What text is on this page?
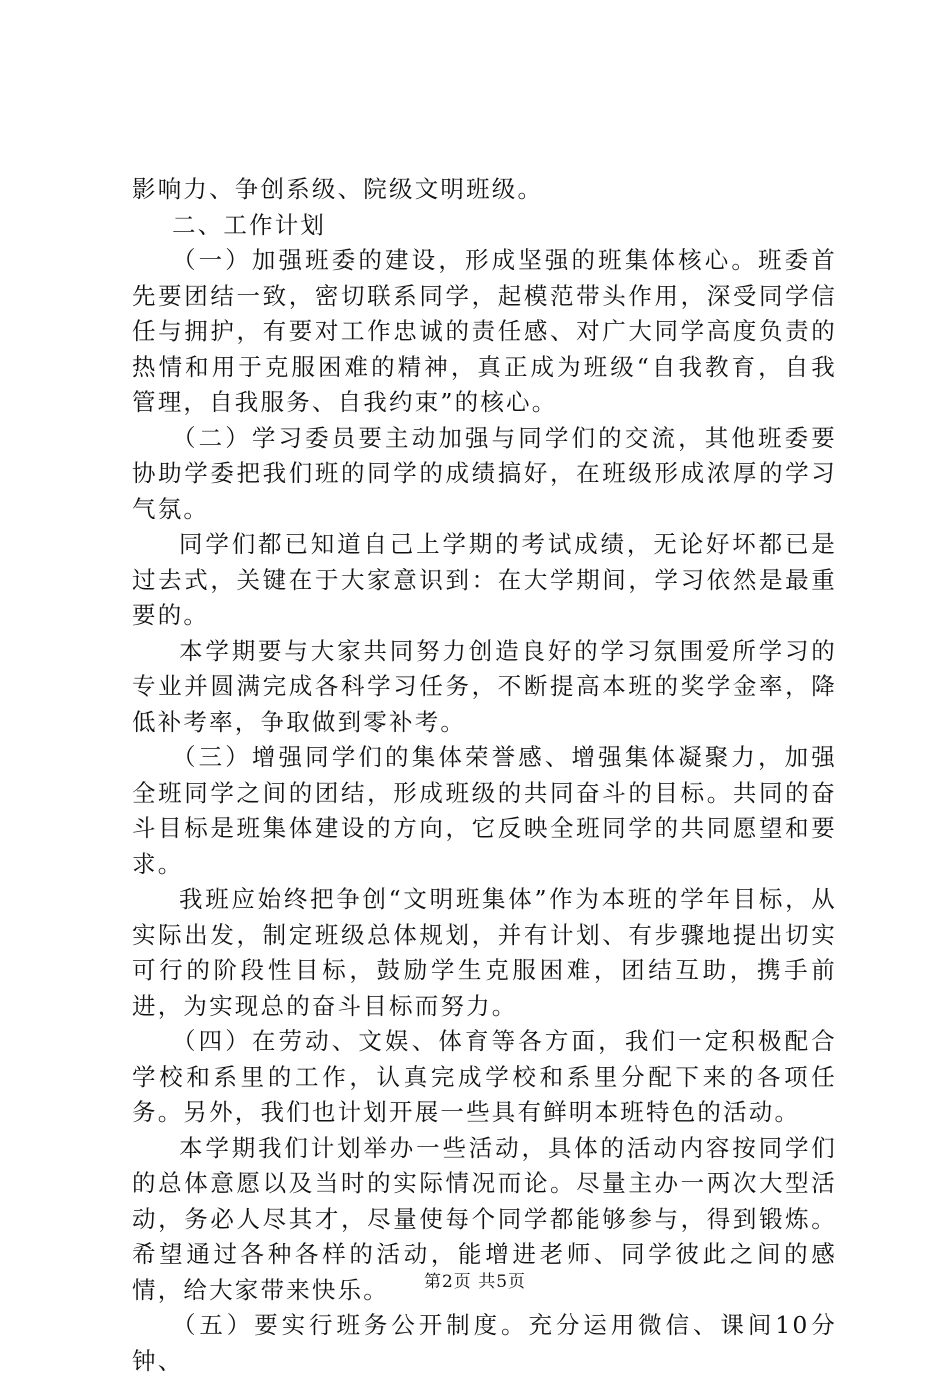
影响力、争创系级、院级文明班级。

二、工作计划

（一）加强班委的建设，形成坚强的班集体核心。班委首先要团结一致，密切联系同学，起模范带头作用，深受同学信任与拥护，有要对工作忠诚的责任感、对广大同学高度负责的热情和用于克服困难的精神，真正成为班级“自我教育，自我管理，自我服务、自我约束”的核心。

（二）学习委员要主动加强与同学们的交流，其他班委要协助学委把我们班的同学的成绩搞好，在班级形成浓厚的学习气氛。

同学们都已知道自己上学期的考试成绩，无论好坏都已是过去式，关键在于大家意识到：在大学期间，学习依然是最重要的。

本学期要与大家共同努力创造良好的学习氛围爱所学习的专业并圆满完成各科学习任务，不断提高本班的奖学金率，降低补考率，争取做到零补考。

（三）增强同学们的集体荣誉感、增强集体凝聚力，加强全班同学之间的团结，形成班级的共同奋斗的目标。共同的奋斗目标是班集体建设的方向，它反映全班同学的共同愿望和要求。

我班应始终把争创“文明班集体”作为本班的学年目标，从实际出发，制定班级总体规划，并有计划、有步骤地提出切实可行的阶段性目标，鼓励学生克服困难，团结互助，携手前进，为实现总的奋斗目标而努力。

（四）在劳动、文娱、体育等各方面，我们一定积极配合学校和系里的工作，认真完成学校和系里分配下来的各项任务。另外，我们也计划开展一些具有鲜明本班特色的活动。

本学期我们计划举办一些活动，具体的活动内容按同学们的总体意愿以及当时的实际情况而论。尽量主办一两次大型活动，务必人尽其才，尽量使每个同学都能够参与，得到锻炼。希望通过各种各样的活动，能增进老师、同学彼此之间的感情，给大家带来快乐。

（五）要实行班务公开制度。充分运用微信、课间10分钟、

第2页 共5页
